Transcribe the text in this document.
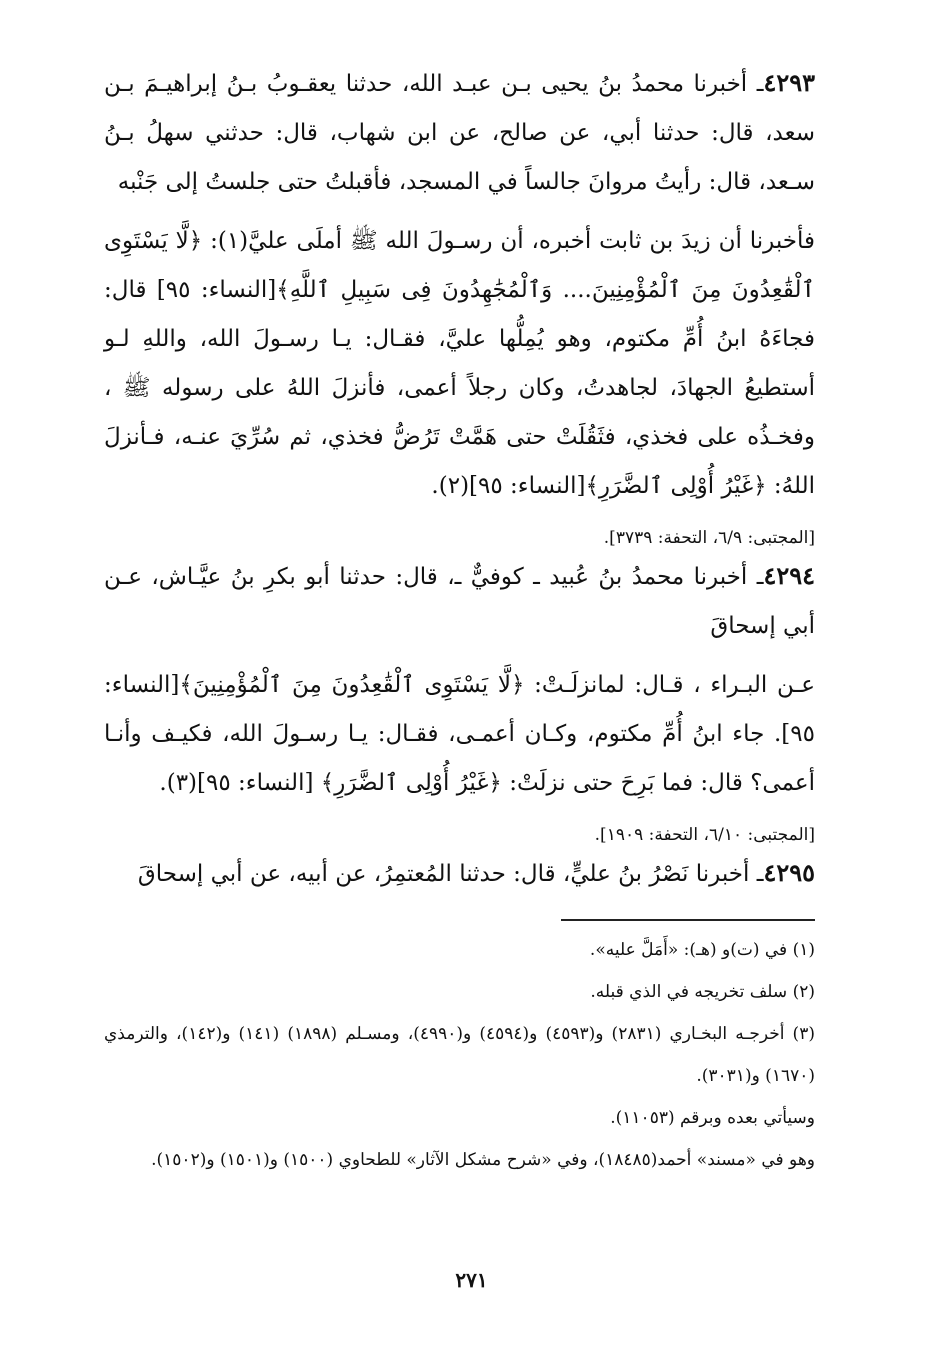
٤٢٩٣ـ أخبرنا محمدُ بنُ يحيى بـن عبـد الله، حدثنا يعقـوبُ بـنُ إبراهيـمَ بـن سعد، قال: حدثنا أبي، عن صالح، عن ابن شهاب، قال: حدثني سهلُ بـنُ سـعد، قال: رأيتُ مروانَ جالساً في المسجد، فأقبلتُ حتى جلستُ إلى جَنْبه

فأخبرنا أن زيدَ بن ثابت أخبره، أن رسـولَ الله ﷺ أملَى عليَّ(١): ﴿لَّا يَسْتَوِى ٱلْقَٰعِدُونَ مِنَ ٱلْمُؤْمِنِينَ.... وَٱلْمُجَٰهِدُونَ فِى سَبِيلِ ٱللَّهِ﴾[النساء: ٩٥] قال: فجاءَهُ ابنُ أُمِّ مكتوم، وهو يُمِلُّها عليَّ، فقـال: يـا رسـولَ الله، واللهِ لـو أستطيعُ الجهادَ، لجاهدتُ، وكان رجلاً أعمى، فأنزلَ اللهُ على رسوله ﷺ ، وفخـذُه على فخذي، فثَقُلَتْ حتى هَمَّتْ تَرُضُّ فخذي، ثم سُرِّيَ عنـه، فـأنزلَ اللهُ: ﴿غَيْرُ أُوْلِى ٱلضَّرَرِ﴾[النساء: ٩٥](٢).

[المجتبى: ٦/٩، التحفة: ٣٧٣٩].

٤٢٩٤ـ أخبرنا محمدُ بنُ عُبيد ـ كوفيٌّ ـ، قال: حدثنا أبو بكرِ بنُ عيَّـاش، عـن أبي إسحاقَ

عـن البـراء ، قـال: لمانزلَـتْ: ﴿لَّا يَسْتَوِى ٱلْقَٰعِدُونَ مِنَ ٱلْمُؤْمِنِينَ﴾[النساء: ٩٥]. جاء ابنُ أُمِّ مكتوم، وكـان أعمـى، فقـال: يـا رسـولَ الله، فكيـف وأنـا أعمى؟ قال: فما بَرِحَ حتى نزلَتْ: ﴿غَيْرُ أُوْلِى ٱلضَّرَرِ﴾ [النساء: ٩٥](٣).

[المجتبى: ٦/١٠، التحفة: ١٩٠٩].

٤٢٩٥ـ أخبرنا نَصْرُ بنُ عليٍّ، قال: حدثنا المُعتمِرُ، عن أبيه، عن أبي إسحاقَ

(١) في (ت)و (هـ): «أَمَلَّ عليه».

(٢) سلف تخريجه في الذي قبله.

(٣) أخرجـه البخـاري (٢٨٣١) و(٤٥٩٣) و(٤٥٩٤) و(٤٩٩٠)، ومسـلم (١٨٩٨) (١٤١) و(١٤٢)، والترمذي (١٦٧٠) و(٣٠٣١).

وسيأتي بعده وبرقم (١١٠٥٣).

وهو في «مسند» أحمد(١٨٤٨٥)، وفي «شرح مشكل الآثار» للطحاوي (١٥٠٠) و(١٥٠١) و(١٥٠٢).

٢٧١
